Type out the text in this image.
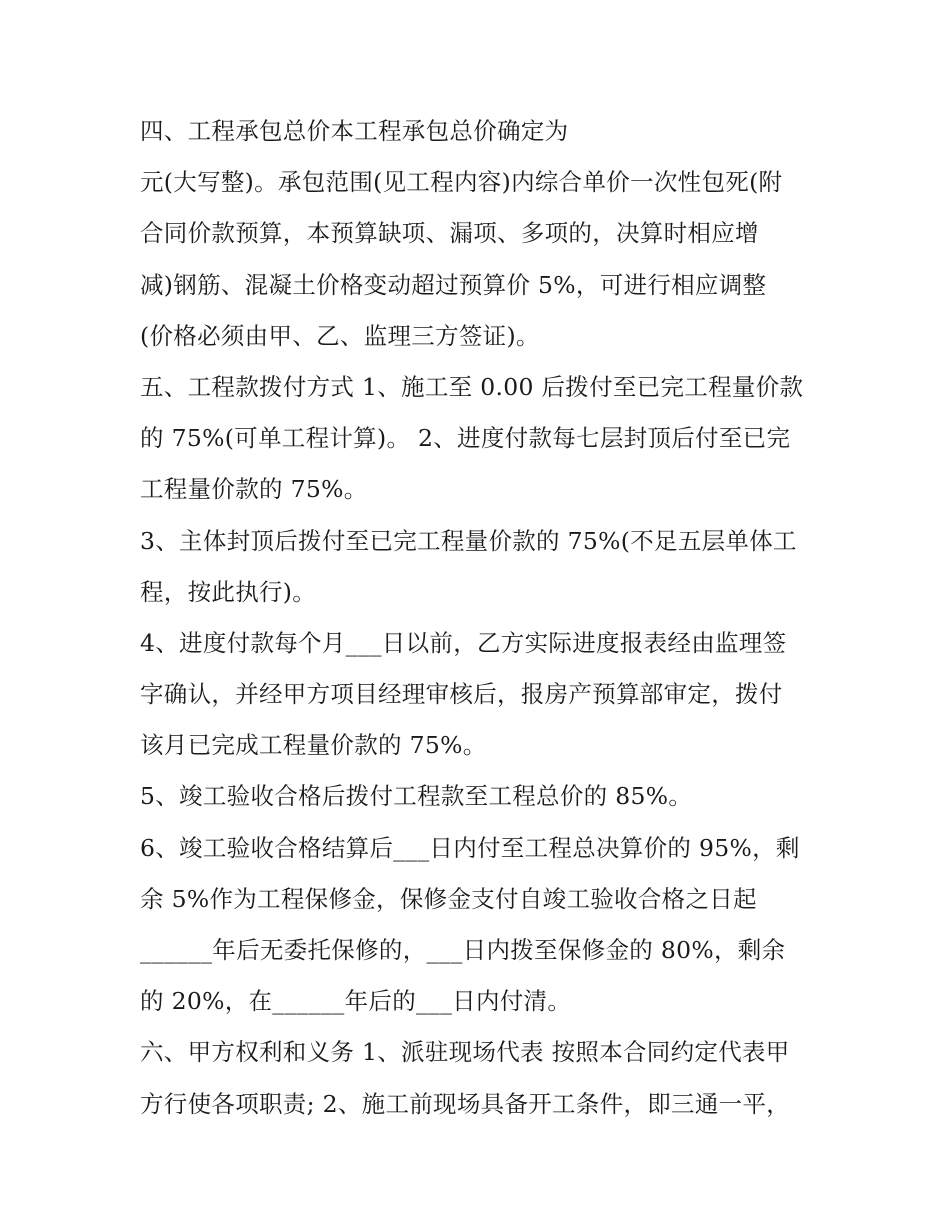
四、工程承包总价本工程承包总价确定为
元(大写整)。承包范围(见工程内容)内综合单价一次性包死(附
合同价款预算，本预算缺项、漏项、多项的，决算时相应增
减)钢筋、混凝土价格变动超过预算价 5%，可进行相应调整
(价格必须由甲、乙、监理三方签证)。
五、工程款拨付方式 1、施工至 0.00 后拨付至已完工程量价款
的 75%(可单工程计算)。 2、进度付款每七层封顶后付至已完
工程量价款的 75%。
3、主体封顶后拨付至已完工程量价款的 75%(不足五层单体工
程，按此执行)。
4、进度付款每个月___日以前，乙方实际进度报表经由监理签
字确认，并经甲方项目经理审核后，报房产预算部审定，拨付
该月已完成工程量价款的 75%。
5、竣工验收合格后拨付工程款至工程总价的 85%。
6、竣工验收合格结算后___日内付至工程总决算价的 95%，剩
余 5%作为工程保修金，保修金支付自竣工验收合格之日起
______年后无委托保修的，___日内拨至保修金的 80%，剩余
的 20%，在______年后的___日内付清。
六、甲方权利和义务 1、派驻现场代表 按照本合同约定代表甲
方行使各项职责; 2、施工前现场具备开工条件，即三通一平，
